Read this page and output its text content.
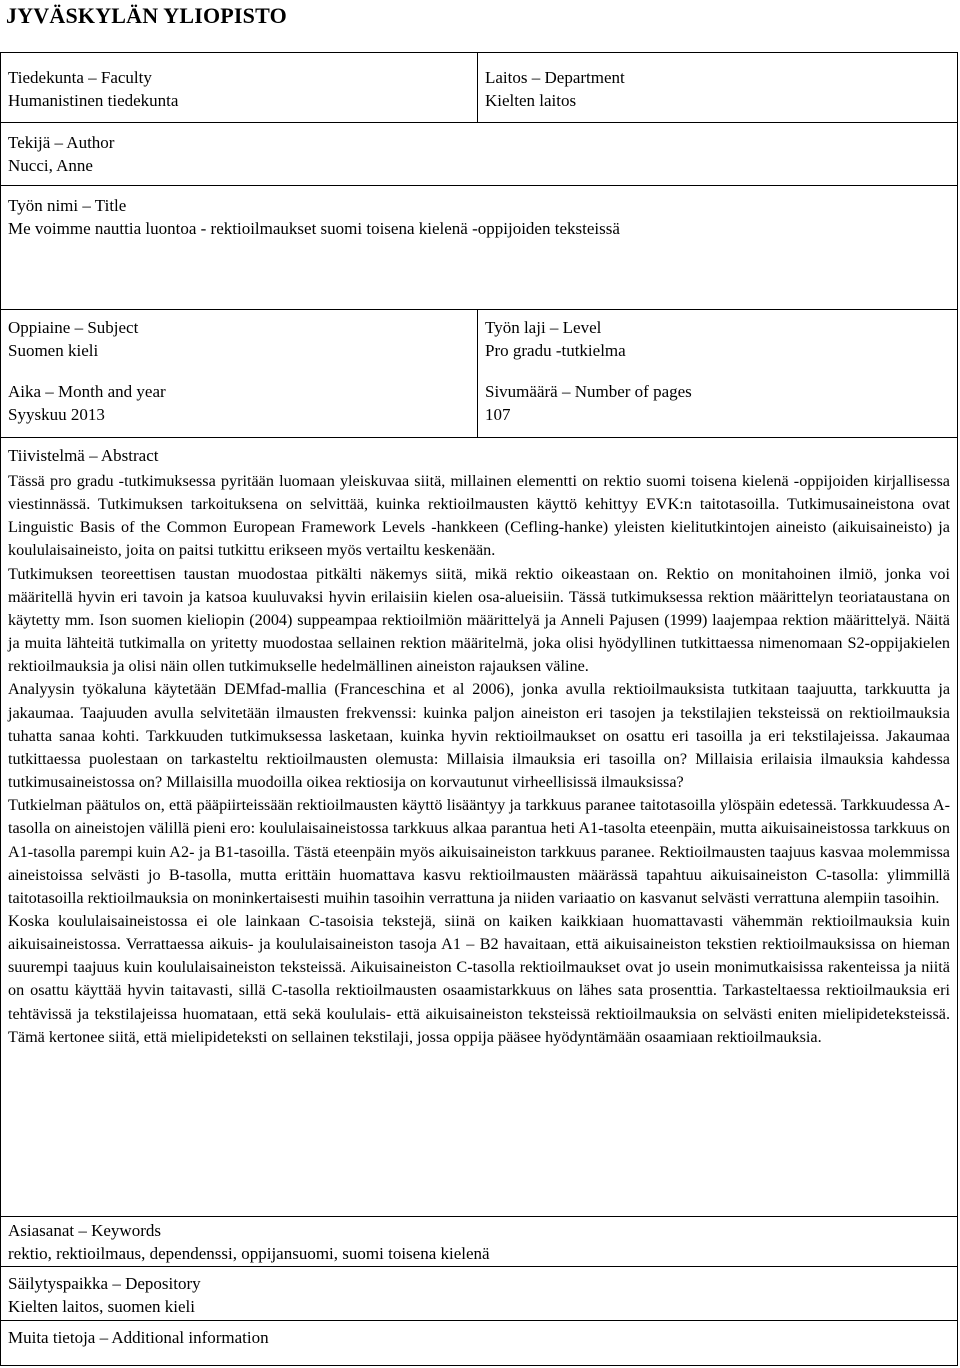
JYVÄSKYLÄN YLIOPISTO
Tiedekunta – Faculty
Humanistinen tiedekunta
Laitos – Department
Kielten laitos
Tekijä – Author
Nucci, Anne
Työn nimi – Title
Me voimme nauttia luontoa - rektioilmaukset suomi toisena kielenä -oppijoiden teksteissä
Oppiaine – Subject
Suomen kieli
Työn laji – Level
Pro gradu -tutkielma
Aika – Month and year
Syyskuu 2013
Sivumäärä – Number of pages
107
Tiivistelmä – Abstract

Tässä pro gradu -tutkimuksessa pyritään luomaan yleiskuvaa siitä, millainen elementti on rektio suomi toisena kielenä -oppijoiden kirjallisessa viestinnässä. Tutkimuksen tarkoituksena on selvittää, kuinka rektioilmausten käyttö kehittyy EVK:n taitotasoilla. Tutkimusaineistona ovat Linguistic Basis of the Common European Framework Levels -hankkeen (Cefling-hanke) yleisten kielitutkintojen aineisto (aikuisaineisto) ja koululaisaineisto, joita on paitsi tutkittu erikseen myös vertailtu keskenään.

Tutkimuksen teoreettisen taustan muodostaa pitkälti näkemys siitä, mikä rektio oikeastaan on. Rektio on monitahoinen ilmiö, jonka voi määritellä hyvin eri tavoin ja katsoa kuuluvaksi hyvin erilaisiin kielen osa-alueisiin. Tässä tutkimuksessa rektion määrittelyn teoriataustana on käytetty mm. Ison suomen kieliopin (2004) suppeampaa rektioilmiön määrittelyä ja Anneli Pajusen (1999) laajempaa rektion määrittelyä. Näitä ja muita lähteitä tutkimalla on yritetty muodostaa sellainen rektion määritelmä, joka olisi hyödyllinen tutkittaessa nimenomaan S2-oppijakielen rektioilmauksia ja olisi näin ollen tutkimukselle hedelmällinen aineiston rajauksen väline.

Analyysin työkaluna käytetään DEMfad-mallia (Franceschina et al 2006), jonka avulla rektioilmauksista tutkitaan taajuutta, tarkkuutta ja jakaumaa. Taajuuden avulla selvitetään ilmausten frekvenssi: kuinka paljon aineiston eri tasojen ja tekstilajien teksteissä on rektioilmauksia tuhatta sanaa kohti. Tarkkuuden tutkimuksessa lasketaan, kuinka hyvin rektioilmaukset on osattu eri tasoilla ja eri tekstilajeissa. Jakaumaa tutkittaessa puolestaan on tarkasteltu rektioilmausten olemusta: Millaisia ilmauksia eri tasoilla on? Millaisia erilaisia ilmauksia kahdessa tutkimusaineistossa on? Millaisilla muodoilla oikea rektiosija on korvautunut virheellisissä ilmauksissa?

Tutkielman päätulos on, että pääpiirteissään rektioilmausten käyttö lisääntyy ja tarkkuus paranee taitotasoilla ylöspäin edetessä. Tarkkuudessa A-tasolla on aineistojen välillä pieni ero: koululaisaineistossa tarkkuus alkaa parantua heti A1-tasolta eteenpäin, mutta aikuisaineistossa tarkkuus on A1-tasolla parempi kuin A2- ja B1-tasoilla. Tästä eteenpäin myös aikuisaineiston tarkkuus paranee. Rektioilmausten taajuus kasvaa molemmissa aineistoissa selvästi jo B-tasolla, mutta erittäin huomattava kasvu rektioilmausten määrässä tapahtuu aikuisaineiston C-tasolla: ylimmillä taitotasoilla rektioilmauksia on moninkertaisesti muihin tasoihin verrattuna ja niiden variaatio on kasvanut selvästi verrattuna alempiin tasoihin.

Koska koululaisaineistossa ei ole lainkaan C-tasoisia tekstejä, siinä on kaiken kaikkiaan huomattavasti vähemmän rektioilmauksia kuin aikuisaineistossa. Verrattaessa aikuis- ja koululaisaineiston tasoja A1 – B2 havaitaan, että aikuisaineiston tekstien rektioilmauksissa on hieman suurempi taajuus kuin koululaisaineiston teksteissä. Aikuisaineiston C-tasolla rektioilmaukset ovat jo usein monimutkaisissa rakenteissa ja niitä on osattu käyttää hyvin taitavasti, sillä C-tasolla rektioilmausten osaamistarkkuus on lähes sata prosenttia. Tarkasteltaessa rektioilmauksia eri tehtävissä ja tekstilajeissa huomataan, että sekä koululais- että aikuisaineiston teksteissä rektioilmauksia on selvästi eniten mielipideteksteissä. Tämä kertonee siitä, että mielipideteksti on sellainen tekstilaji, jossa oppija pääsee hyödyntämään osaamiaan rektioilmauksia.

Asiasanat – Keywords
rektio, rektioilmaus, dependenssi, oppijansuomi, suomi toisena kielenä
Säilytyspaikka – Depository
Kielten laitos, suomen kieli
Muita tietoja – Additional information
